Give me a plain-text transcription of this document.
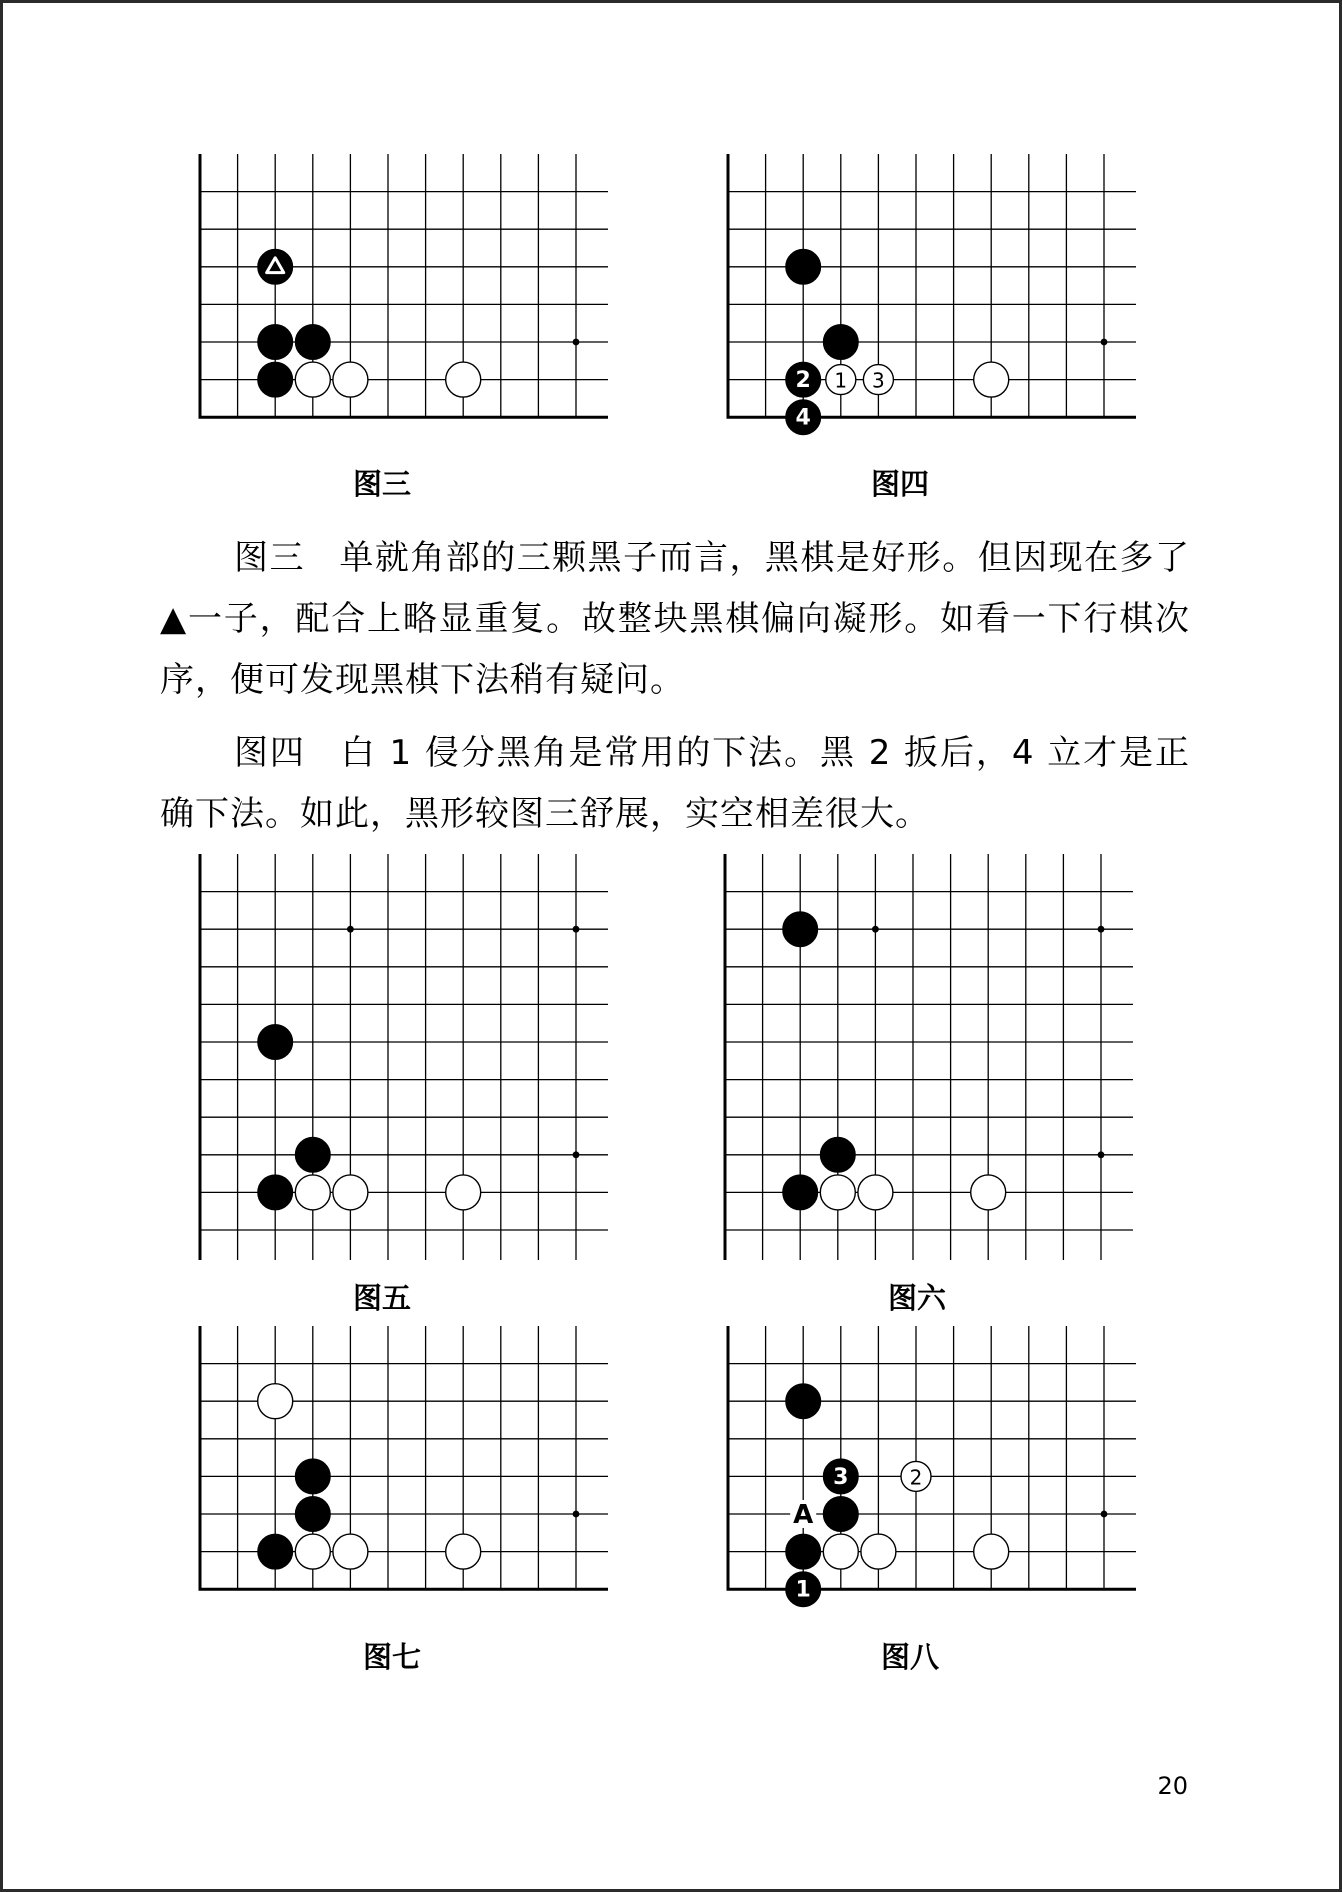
图三
2 1 3
4
图四

图三 单就角部的三颗黑子而言，黑棋是好形。但因现在多了▲一子，配合上略显重复。故整块黑棋偏向凝形。如看一下行棋次序，便可发现黑棋下法稍有疑问。

图四 白 1 侵分黑角是常用的下法。黑 2 扳后，4 立才是正确下法。如此，黑形较图三舒展，实空相差很大。

图五	图六
图七
3	2
1
A
图八
20
